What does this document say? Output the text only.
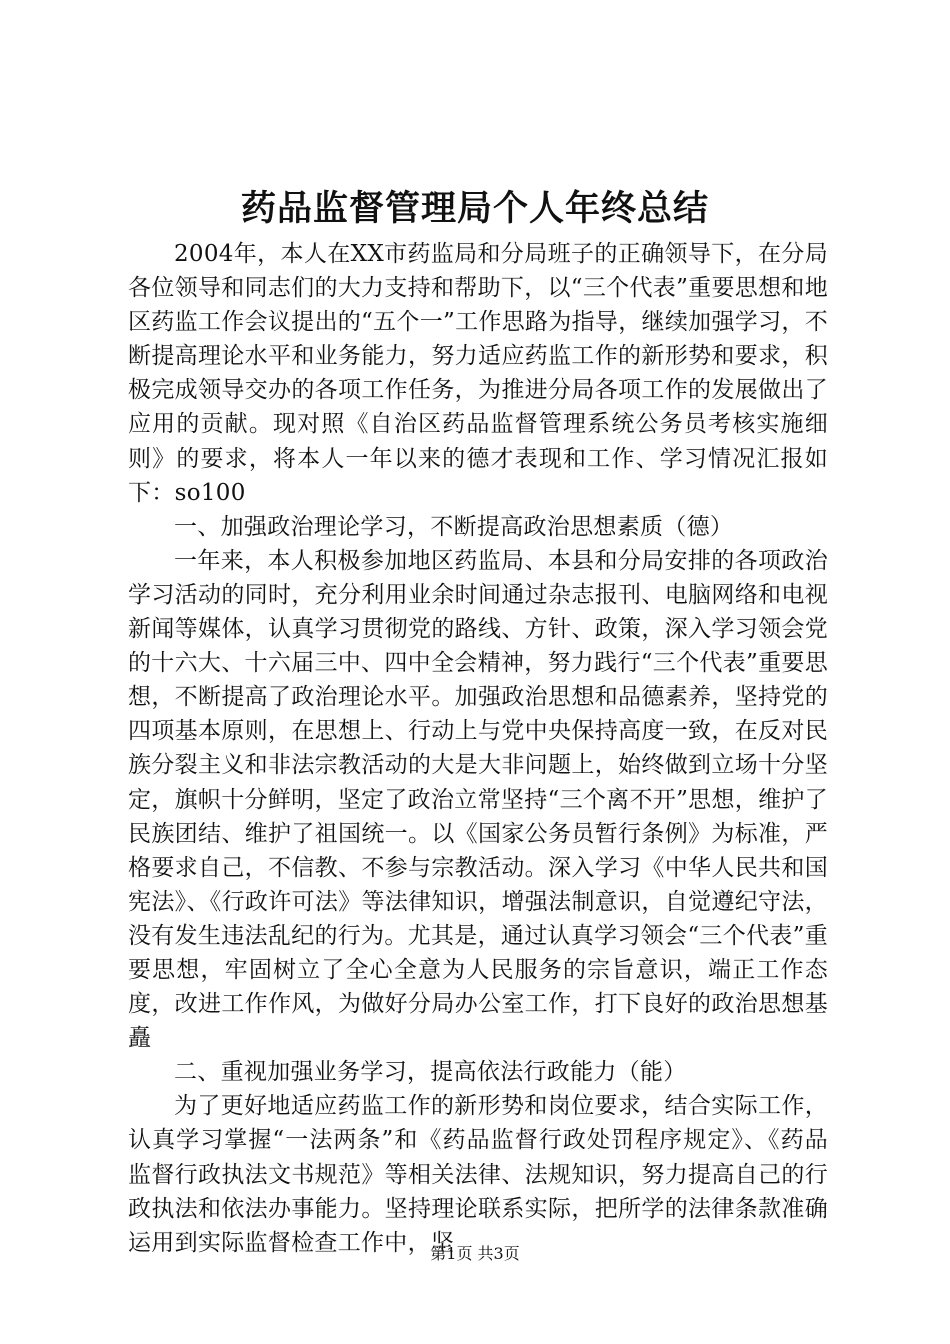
药品监督管理局个人年终总结

2004年，本人在XX市药监局和分局班子的正确领导下，在分局各位领导和同志们的大力支持和帮助下，以“三个代表”重要思想和地区药监工作会议提出的“五个一”工作思路为指导，继续加强学习，不断提高理论水平和业务能力，努力适应药监工作的新形势和要求，积极完成领导交办的各项工作任务，为推进分局各项工作的发展做出了应用的贡献。现对照《自治区药品监督管理系统公务员考核实施细则》的要求，将本人一年以来的德才表现和工作、学习情况汇报如下：so100

一、加强政治理论学习，不断提高政治思想素质（德）

一年来，本人积极参加地区药监局、本县和分局安排的各项政治学习活动的同时，充分利用业余时间通过杂志报刊、电脑网络和电视新闻等媒体，认真学习贯彻党的路线、方针、政策，深入学习领会党的十六大、十六届三中、四中全会精神，努力践行“三个代表”重要思想，不断提高了政治理论水平。加强政治思想和品德素养，坚持党的四项基本原则，在思想上、行动上与党中央保持高度一致，在反对民族分裂主义和非法宗教活动的大是大非问题上，始终做到立场十分坚定，旗帜十分鲜明，坚定了政治立常坚持“三个离不开”思想，维护了民族团结、维护了祖国统一。以《国家公务员暂行条例》为标准，严格要求自己，不信教、不参与宗教活动。深入学习《中华人民共和国宪法》、《行政许可法》等法律知识，增强法制意识，自觉遵纪守法，没有发生违法乱纪的行为。尤其是，通过认真学习领会“三个代表”重要思想，牢固树立了全心全意为人民服务的宗旨意识，端正工作态度，改进工作作风，为做好分局办公室工作，打下良好的政治思想基矗

二、重视加强业务学习，提高依法行政能力（能）

为了更好地适应药监工作的新形势和岗位要求，结合实际工作，认真学习掌握“一法两条”和《药品监督行政处罚程序规定》、《药品监督行政执法文书规范》等相关法律、法规知识，努力提高自己的行政执法和依法办事能力。坚持理论联系实际，把所学的法律条款准确运用到实际监督检查工作中，坚

第1页 共3页
